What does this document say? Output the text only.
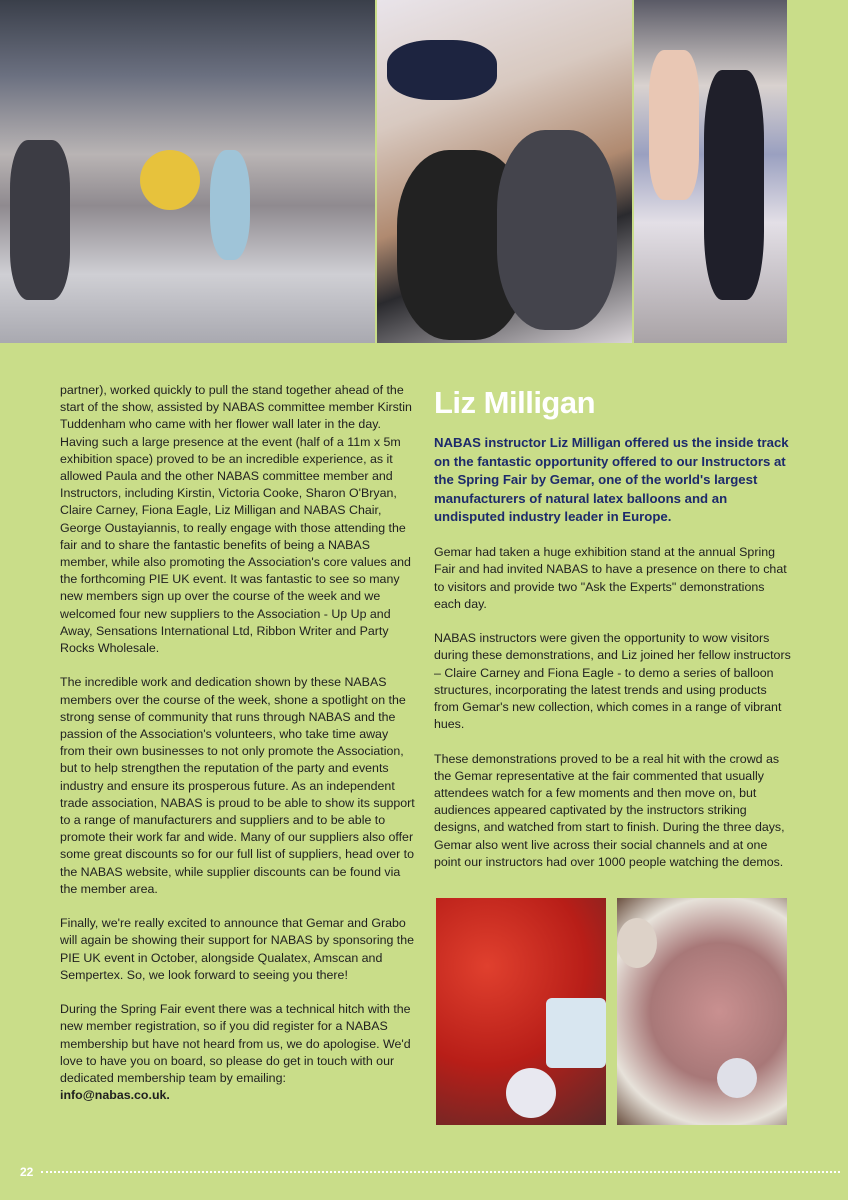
partner), worked quickly to pull the stand together ahead of the start of the show, assisted by NABAS committee member Kirstin Tuddenham who came with her flower wall later in the day. Having such a large presence at the event (half of a 11m x 5m exhibition space) proved to be an incredible experience, as it allowed Paula and the other NABAS committee member and Instructors, including Kirstin, Victoria Cooke, Sharon O'Bryan, Claire Carney, Fiona Eagle, Liz Milligan and NABAS Chair, George Oustayiannis, to really engage with those attending the fair and to share the fantastic benefits of being a NABAS member, while also promoting the Association's core values and the forthcoming PIE UK event. It was fantastic to see so many new members sign up over the course of the week and we welcomed four new suppliers to the Association - Up Up and Away, Sensations International Ltd, Ribbon Writer and Party Rocks Wholesale.

The incredible work and dedication shown by these NABAS members over the course of the week, shone a spotlight on the strong sense of community that runs through NABAS and the passion of the Association's volunteers, who take time away from their own businesses to not only promote the Association, but to help strengthen the reputation of the party and events industry and ensure its prosperous future. As an independent trade association, NABAS is proud to be able to show its support to a range of manufacturers and suppliers and to be able to promote their work far and wide. Many of our suppliers also offer some great discounts so for our full list of suppliers, head over to the NABAS website, while supplier discounts can be found via the member area.

Finally, we're really excited to announce that Gemar and Grabo will again be showing their support for NABAS by sponsoring the PIE UK event in October, alongside Qualatex, Amscan and Sempertex. So, we look forward to seeing you there!

During the Spring Fair event there was a technical hitch with the new member registration, so if you did register for a NABAS membership but have not heard from us, we do apologise. We'd love to have you on board, so please do get in touch with our dedicated membership team by emailing:
info@nabas.co.uk.

Liz Milligan

NABAS instructor Liz Milligan offered us the inside track on the fantastic opportunity offered to our Instructors at the Spring Fair by Gemar, one of the world's largest manufacturers of natural latex balloons and an undisputed industry leader in Europe.

Gemar had taken a huge exhibition stand at the annual Spring Fair and had invited NABAS to have a presence on there to chat to visitors and provide two "Ask the Experts" demonstrations each day.

NABAS instructors were given the opportunity to wow visitors during these demonstrations, and Liz joined her fellow instructors – Claire Carney and Fiona Eagle - to demo a series of balloon structures, incorporating the latest trends and using products from Gemar's new collection, which comes in a range of vibrant hues.

These demonstrations proved to be a real hit with the crowd as the Gemar representative at the fair commented that usually attendees watch for a few moments and then move on, but audiences appeared captivated by the instructors striking designs, and watched from start to finish. During the three days, Gemar also went live across their social channels and at one point our instructors had over 1000 people watching the demos.

22
